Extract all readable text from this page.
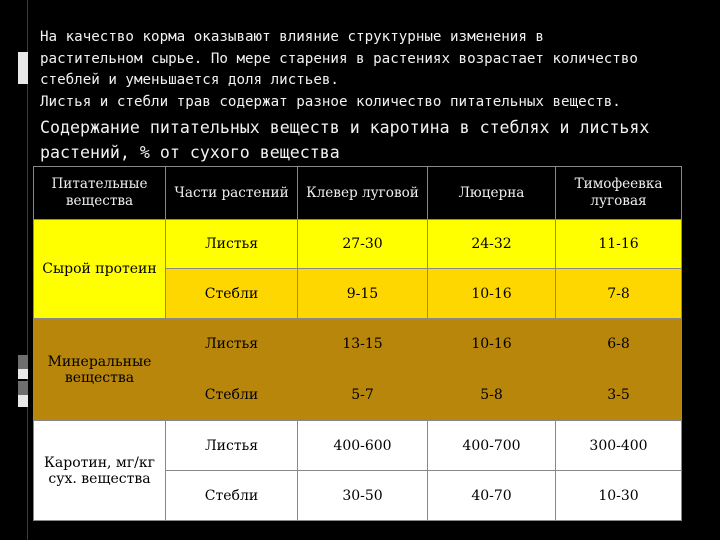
На качество корма оказывают влияние структурные изменения в

растительном сырье. По мере старения в растениях возрастает количество

стеблей и уменьшается доля листьев.

Листья и стебли трав содержат разное количество питательных веществ.

Содержание питательных веществ и каротина в стеблях и листьях растений, % от сухого вещества
Питательные вещества	Части растений	Клевер луговой	Люцерна	Тимофеевка луговая
Сырой протеин	Листья	27-30	24-32	11-16
	Стебли	9-15	10-16	7-8
Минеральные вещества	Листья	13-15	10-16	6-8
	Стебли	5-7	5-8	3-5
Каротин, мг/кг сух. вещества	Листья	400-600	400-700	300-400
	Стебли	30-50	40-70	10-30
